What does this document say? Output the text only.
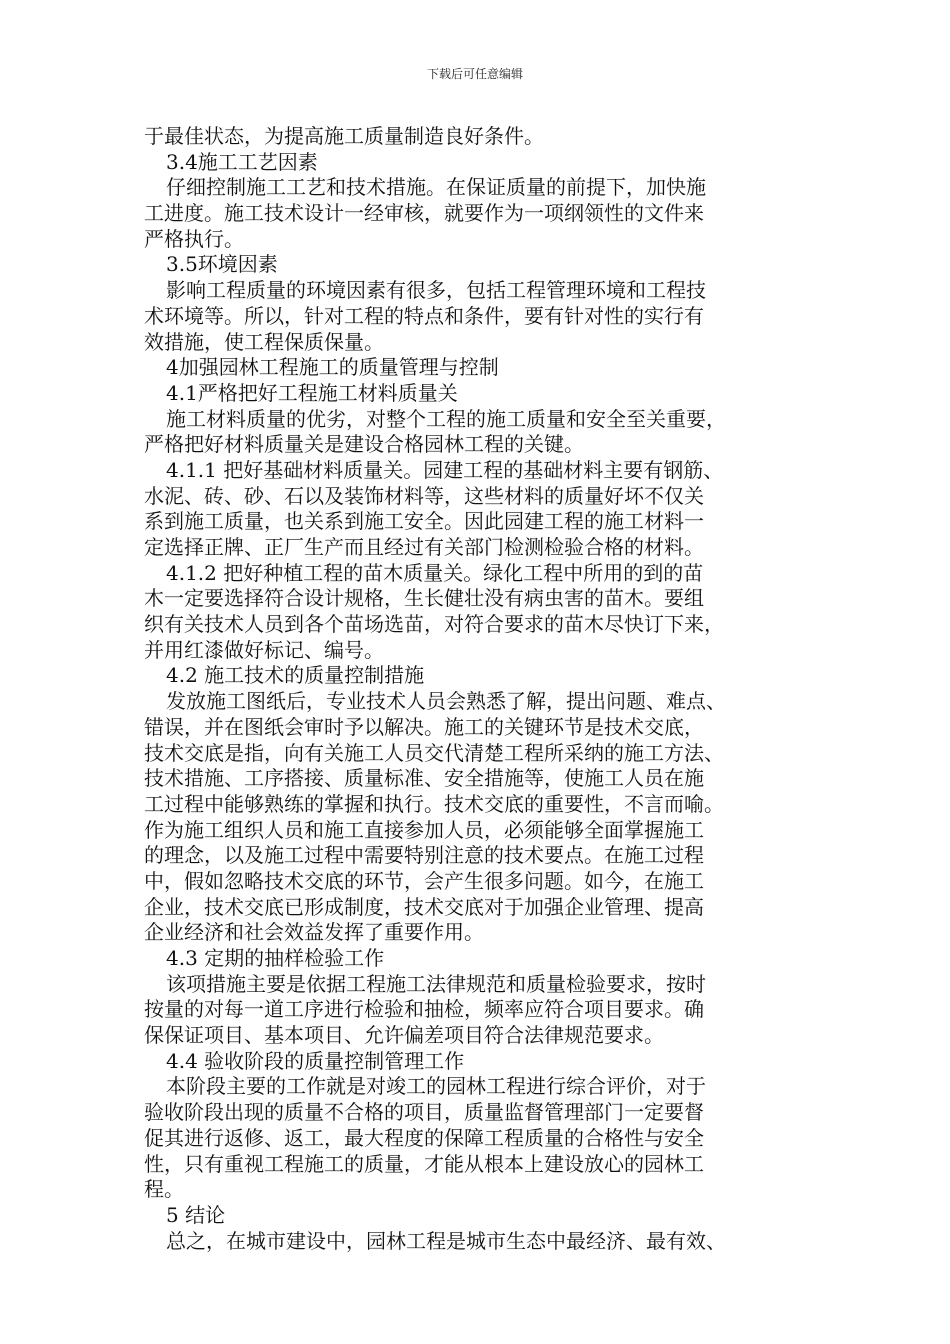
下载后可任意编辑
于最佳状态，为提高施工质量制造良好条件。
3.4施工工艺因素
仔细控制施工工艺和技术措施。在保证质量的前提下，加快施
工进度。施工技术设计一经审核，就要作为一项纲领性的文件来
严格执行。
3.5环境因素
影响工程质量的环境因素有很多，包括工程管理环境和工程技
术环境等。所以，针对工程的特点和条件，要有针对性的实行有
效措施，使工程保质保量。
4加强园林工程施工的质量管理与控制
4.1严格把好工程施工材料质量关
施工材料质量的优劣，对整个工程的施工质量和安全至关重要，
严格把好材料质量关是建设合格园林工程的关键。
4.1.1 把好基础材料质量关。园建工程的基础材料主要有钢筋、
水泥、砖、砂、石以及装饰材料等，这些材料的质量好坏不仅关
系到施工质量，也关系到施工安全。因此园建工程的施工材料一
定选择正牌、正厂生产而且经过有关部门检测检验合格的材料。
4.1.2 把好种植工程的苗木质量关。绿化工程中所用的到的苗
木一定要选择符合设计规格，生长健壮没有病虫害的苗木。要组
织有关技术人员到各个苗场选苗，对符合要求的苗木尽快订下来，
并用红漆做好标记、编号。
4.2 施工技术的质量控制措施
发放施工图纸后，专业技术人员会熟悉了解，提出问题、难点、
错误，并在图纸会审时予以解决。施工的关键环节是技术交底，
技术交底是指，向有关施工人员交代清楚工程所采纳的施工方法、
技术措施、工序搭接、质量标准、安全措施等，使施工人员在施
工过程中能够熟练的掌握和执行。技术交底的重要性，不言而喻。
作为施工组织人员和施工直接参加人员，必须能够全面掌握施工
的理念，以及施工过程中需要特别注意的技术要点。在施工过程
中，假如忽略技术交底的环节，会产生很多问题。如今，在施工
企业，技术交底已形成制度，技术交底对于加强企业管理、提高
企业经济和社会效益发挥了重要作用。
4.3 定期的抽样检验工作
该项措施主要是依据工程施工法律规范和质量检验要求，按时
按量的对每一道工序进行检验和抽检，频率应符合项目要求。确
保保证项目、基本项目、允许偏差项目符合法律规范要求。
4.4 验收阶段的质量控制管理工作
本阶段主要的工作就是对竣工的园林工程进行综合评价，对于
验收阶段出现的质量不合格的项目，质量监督管理部门一定要督
促其进行返修、返工，最大程度的保障工程质量的合格性与安全
性，只有重视工程施工的质量，才能从根本上建设放心的园林工
程。
5 结论
总之，在城市建设中，园林工程是城市生态中最经济、最有效、
